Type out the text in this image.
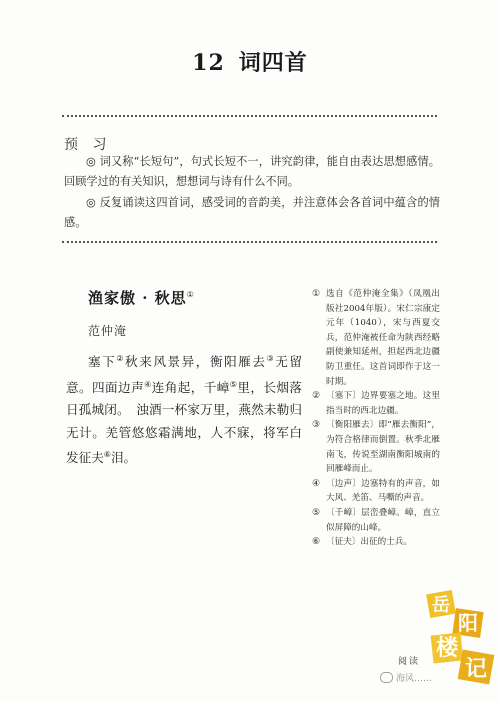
12 词四首
预 习

◎ 词又称“长短句”，句式长短不一，讲究韵律，能自由表达思想感情。回顾学过的有关知识，想想词与诗有什么不同。

◎ 反复诵读这四首词，感受词的音韵美，并注意体会各首词中蕴含的情感。

渔家傲 · 秋思①
范仲淹

塞下②秋来风景异，衡阳雁去③无留意。四面边声④连角起，千嶂⑤里，长烟落日孤城闭。　浊酒一杯家万里，燕然未勒归无计。羌管悠悠霜满地，人不寐，将军白发征夫⑥泪。

① 选自《范仲淹全集》（凤凰出版社2004年版）。宋仁宗康定元年（1040），宋与西夏交兵，范仲淹被任命为陕西经略副使兼知延州，担起西北边疆防卫重任。这首词即作于这一时期。
② 〔塞下〕边界要塞之地。这里指当时的西北边疆。
③ 〔衡阳雁去〕即“雁去衡阳”，为符合格律而倒置。秋季北雁南飞，传说至湖南衡阳城南的回雁峰而止。
④ 〔边声〕边塞特有的声音，如大风、羌笛、马嘶的声音。
⑤ 〔千嶂〕层峦叠嶂。嶂，直立似屏障的山峰。
⑥ 〔征夫〕出征的士兵。
阅读
海风……
岳
阳
楼
记
